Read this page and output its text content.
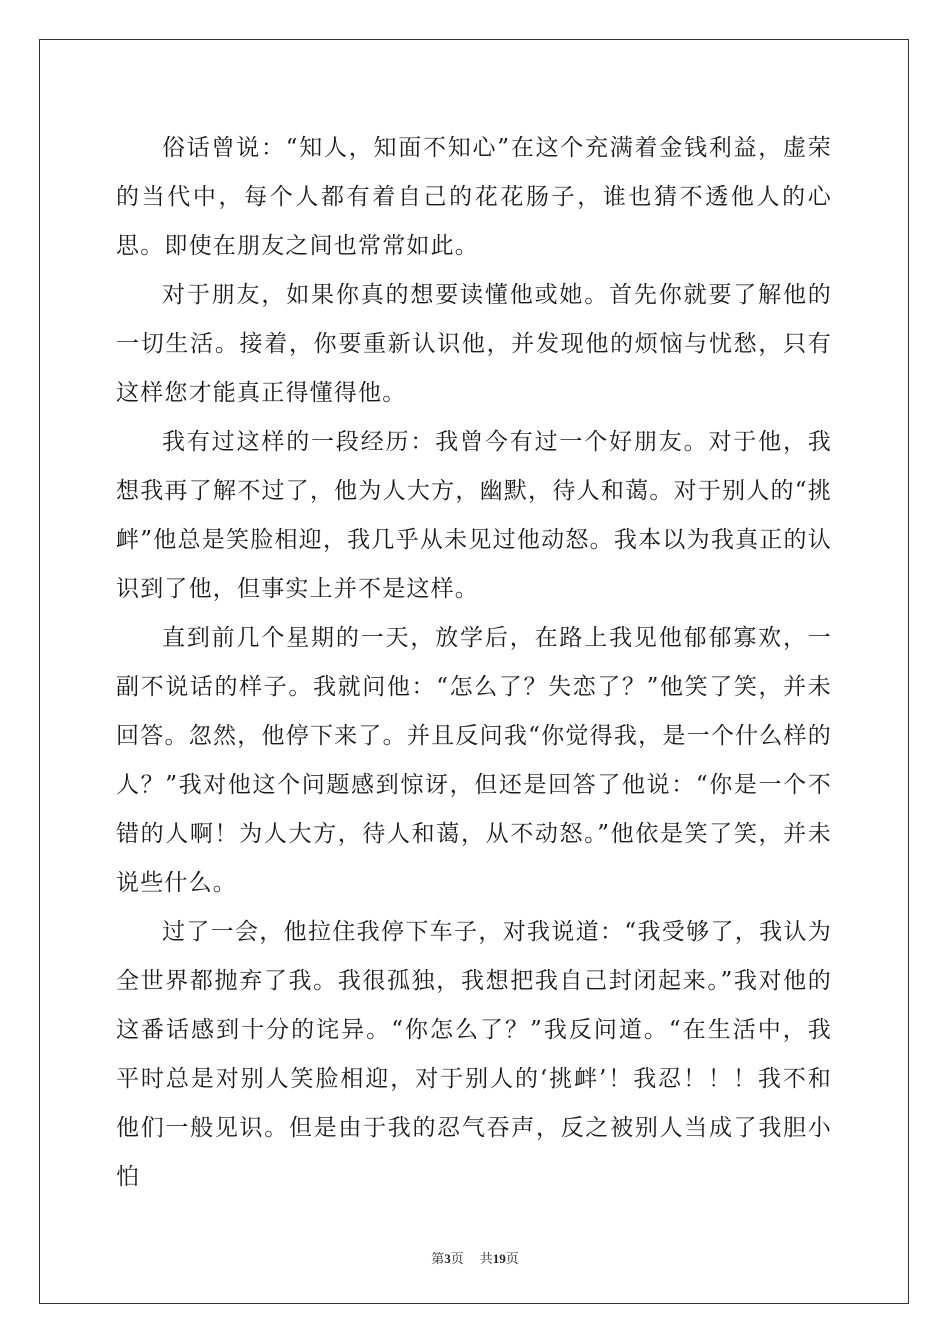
俗话曾说：“知人，知面不知心”在这个充满着金钱利益，虚荣的当代中，每个人都有着自己的花花肠子，谁也猜不透他人的心思。即使在朋友之间也常常如此。

对于朋友，如果你真的想要读懂他或她。首先你就要了解他的一切生活。接着，你要重新认识他，并发现他的烦恼与忧愁，只有这样您才能真正得懂得他。

我有过这样的一段经历：我曾今有过一个好朋友。对于他，我想我再了解不过了，他为人大方，幽默，待人和蔼。对于别人的“挑衅”他总是笑脸相迎，我几乎从未见过他动怒。我本以为我真正的认识到了他，但事实上并不是这样。

直到前几个星期的一天，放学后，在路上我见他郁郁寡欢，一副不说话的样子。我就问他：“怎么了？失恋了？”他笑了笑，并未回答。忽然，他停下来了。并且反问我“你觉得我，是一个什么样的人？”我对他这个问题感到惊讶，但还是回答了他说：“你是一个不错的人啊！为人大方，待人和蔼，从不动怒。”他依是笑了笑，并未说些什么。

过了一会，他拉住我停下车子，对我说道：“我受够了，我认为全世界都抛弃了我。我很孤独，我想把我自己封闭起来。”我对他的这番话感到十分的诧异。“你怎么了？”我反问道。“在生活中，我平时总是对别人笑脸相迎，对于别人的‘挑衅’！我忍！！！我不和他们一般见识。但是由于我的忍气吞声，反之被别人当成了我胆小怕

第3页 共19页
